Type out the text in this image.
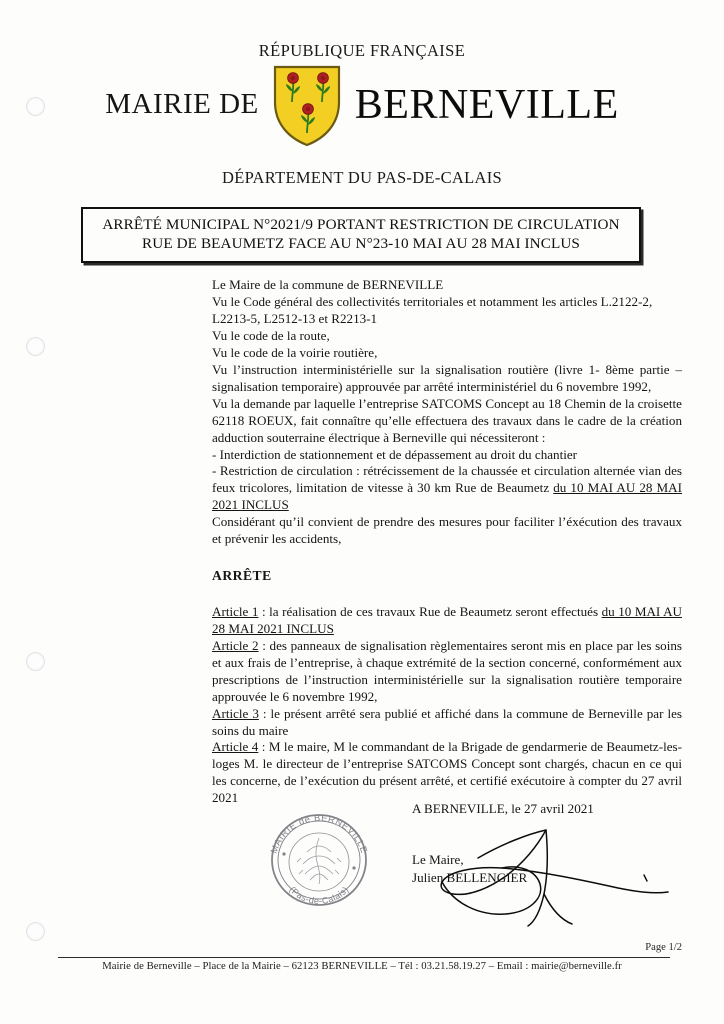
RÉPUBLIQUE FRANÇAISE

MAIRIE DE BERNEVILLE

DÉPARTEMENT DU PAS-DE-CALAIS

ARRÊTÉ MUNICIPAL N°2021/9 PORTANT RESTRICTION DE CIRCULATION
RUE DE BEAUMETZ FACE AU N°23-10 MAI AU 28 MAI INCLUS

Le Maire de la commune de BERNEVILLE

Vu le Code général des collectivités territoriales et notamment les articles L.2122-2,

L2213-5, L2512-13 et R2213-1

Vu le code de la route,

Vu le code de la voirie routière,

Vu l’instruction interministérielle sur la signalisation routière (livre 1- 8ème partie – signalisation temporaire) approuvée par arrêté interministériel du 6 novembre 1992,

Vu la demande par laquelle l’entreprise SATCOMS Concept au 18 Chemin de la croisette 62118 ROEUX, fait connaître qu’elle effectuera des travaux dans le cadre de la création adduction souterraine électrique à Berneville qui nécessiteront :

- Interdiction de stationnement et de dépassement au droit du chantier

- Restriction de circulation : rétrécissement de la chaussée et circulation alternée vian des feux tricolores, limitation de vitesse à 30 km Rue de Beaumetz du 10 MAI AU 28 MAI 2021 INCLUS

Considérant qu’il convient de prendre des mesures pour faciliter l’éxécution des travaux et prévenir les accidents,

ARRÊTE

Article 1 : la réalisation de ces travaux Rue de Beaumetz seront effectués du 10 MAI AU 28 MAI 2021 INCLUS

Article 2 : des panneaux de signalisation règlementaires seront mis en place par les soins et aux frais de l’entreprise, à chaque extrémité de la section concerné, conformément aux prescriptions de l’instruction interministérielle sur la signalisation routière temporaire approuvée le 6 novembre 1992,

Article 3 : le présent arrêté sera publié et affiché dans la commune de Berneville par les soins du maire

Article 4 : M le maire, M le commandant de la Brigade de gendarmerie de Beaumetz-les-loges M. le directeur de l’entreprise SATCOMS Concept sont chargés, chacun en ce qui les concerne, de l’exécution du présent arrêté, et certifié exécutoire à compter du 27 avril 2021

MAIRIE de BERNEVILLE
(Pas-de-Calais)
A BERNEVILLE, le 27 avril 2021
Le Maire,
Julien BELLENGIER
Page 1/2
Mairie de Berneville – Place de la Mairie – 62123 BERNEVILLE – Tél : 03.21.58.19.27 – Email : mairie@berneville.fr
